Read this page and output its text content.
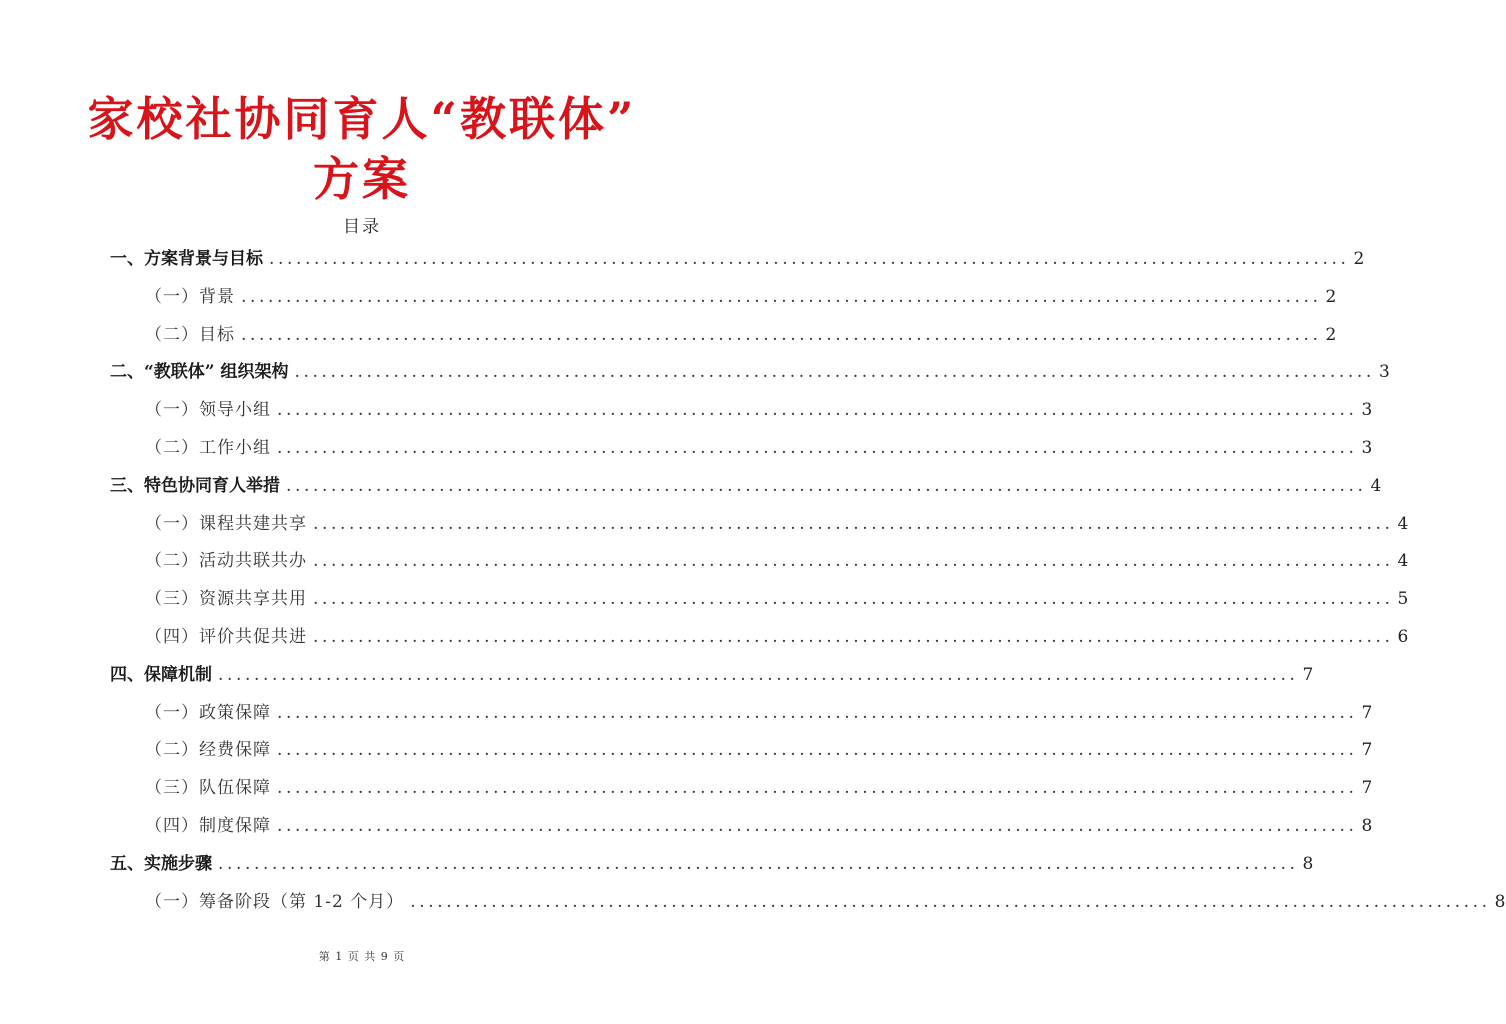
家校社协同育人“教联体”
方案
目录
一、方案背景与目标 ........................................................................................................................ 2
（一）背景 ........................................................................................................................ 2
（二）目标 ........................................................................................................................ 2
二、“教联体” 组织架构 ........................................................................................................................ 3
（一）领导小组 ........................................................................................................................ 3
（二）工作小组 ........................................................................................................................ 3
三、特色协同育人举措 ........................................................................................................................ 4
（一）课程共建共享 ........................................................................................................................ 4
（二）活动共联共办 ........................................................................................................................ 4
（三）资源共享共用 ........................................................................................................................ 5
（四）评价共促共进 ........................................................................................................................ 6
四、保障机制 ........................................................................................................................ 7
（一）政策保障 ........................................................................................................................ 7
（二）经费保障 ........................................................................................................................ 7
（三）队伍保障 ........................................................................................................................ 7
（四）制度保障 ........................................................................................................................ 8
五、实施步骤 ........................................................................................................................ 8
（一）筹备阶段（第 1-2 个月） ........................................................................................................................ 8
第 1 页 共 9 页
